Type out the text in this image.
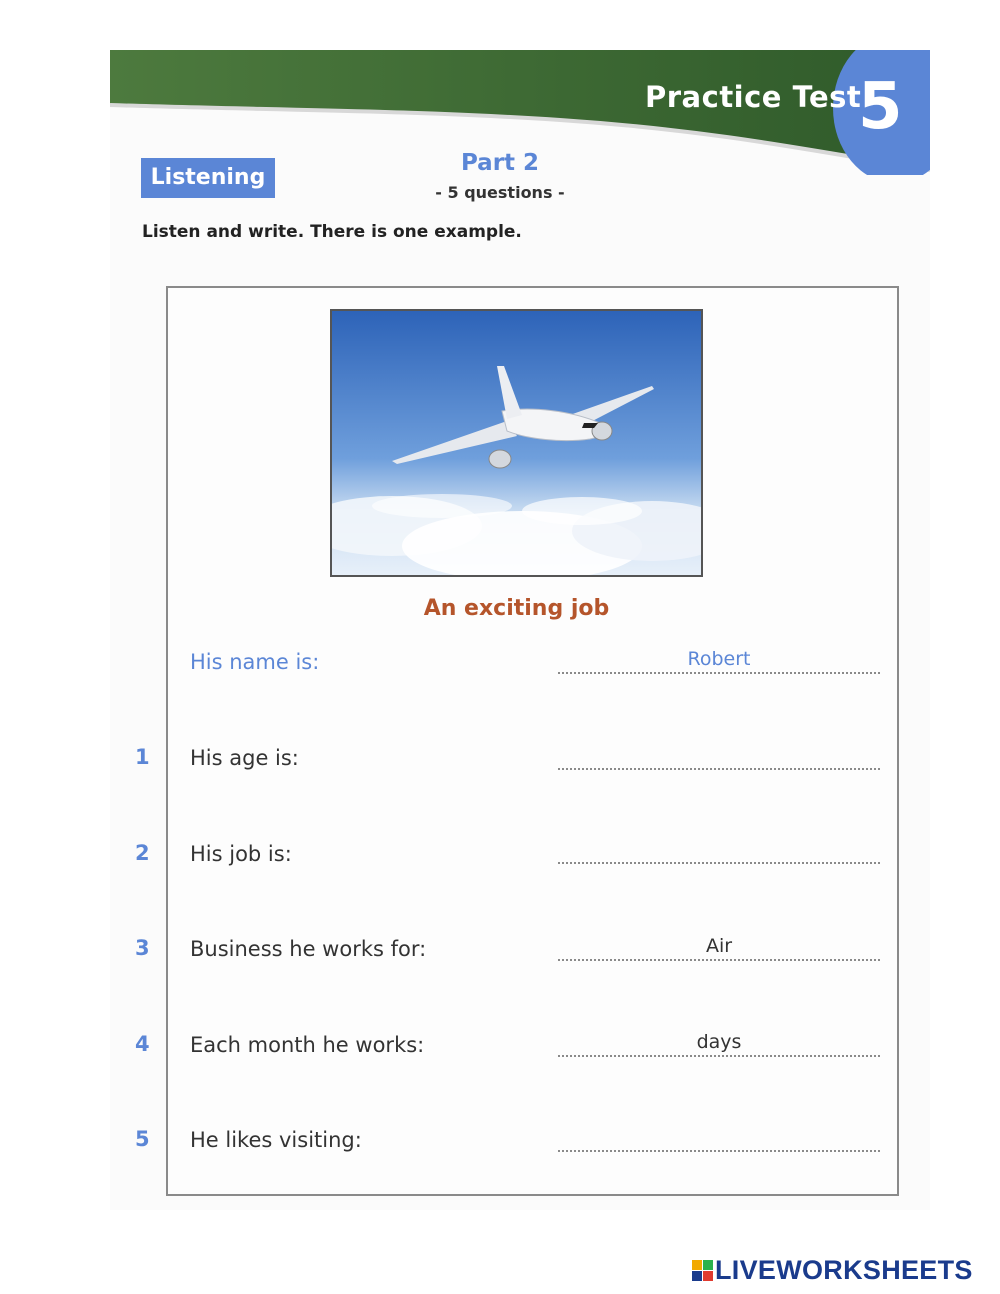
Practice Test
5
Listening
Part 2
- 5 questions -
Listen and write. There is one example.
An exciting job
His name is:	Robert
1 His age is:
2 His job is:
3 Business he works for:	Air
4 Each month he works:	days
5 He likes visiting:
LIVEWORKSHEETS
